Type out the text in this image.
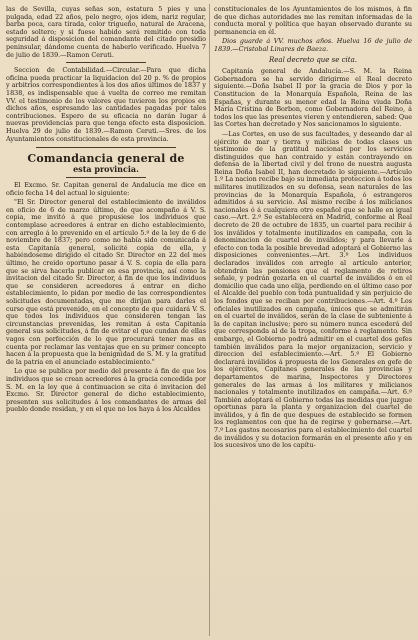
las de Sevilla, cuyas señas son, estatura 5 pies y una pulgada, edad 22 años, pelo negro, ojos idem, nariz regular, barba poca, cara tirada, color trigueño, natural de Aracena, estado soltero; y si fuese habido será remitido con toda seguridad á disposicion del comandante del citado presidio peninsular, dándome cuenta de haberlo verificado. Huelva 7 de julio de 1839.—Ramon Ceruti.

Seccion de Contabilidad.—Circular.—Para que dicha oficina pueda practicar la liquidacion del 20 p. % de propios y arbitrios correspondientes á los dos años últimos de 1837 y 1838, es indispensable que á vuelta de correo me remitan VV. el testimonio de los valores que tuvieron los propios en dichos años, espresando las cantidades pagadas por tales contribuciones. Espero de su eficacia no darán lugar á nuevas providencias para que tenga efecto esta disposicion. Huelva 29 de julio de 1839.—Ramon Ceruti.—Sres. de los Ayuntamientos constitucionales de esta provincia.

Comandancia general de
esta provincia.

El Excmo. Sr. Capitan general de Andalucía me dice en oficio fecha 14 del actual lo siguiente:

"El Sr. Director general del establecimiento de inválidos en oficio de 6 de marzo último, de que acompaño á V. S. copia, me invitó á que propusiese los individuos que contemplase acreedores á entrar en dicho establecimiento, con arreglo á lo prevenido en el artículo 5.º de la ley de 6 de noviembre de 1837; pero como no había sido comunicada á esta Capitanía general, solicité copia de ella, y habiéndoseme dirigido el citado Sr. Director en 22 del mes último, he creido oportuno pasar á V. S. copia de ella para que se sirva hacerla publicar en esa provincia, así como la invitacion del citado Sr. Director, á fin de que los individuos que se consideren acreedores á entrar en dicho establecimiento, lo pidan por medio de las correspondientes solicitudes documentadas, que me dirijan para darles el curso que está prevenido, en el concepto de que cuidará V. S. que todos los individuos que consideren tengan las circunstancias prevenidas, les remitan á esta Capitanía general sus solicitudes, á fin de evitar el que cundan de ellas vagos con perfección de lo que procurará tener mas en cuenta por reclamar las ventajas que en su primer concepto hacen á la propuesta que la benignidad de S. M. y la gratitud de la patria en el anunciado establecimiento."

Lo que se publica por medio del presente á fin de que los individuos que se crean acreedores á la gracia concedida por S. M. en la ley que á continuacion se cita é invitacion del Excmo. Sr. Director general de dicho establecimiento, presenten sus solicitudes á los comandantes de armas del pueblo donde residan, y en el que no los haya á los Alcaldes

constitucionales de los Ayuntamientos de los mismos, á fin de que dichas autoridades me las remitan informadas de la conducta moral y política que hayan observado durante su permanencia en él.

Dios guarde á VV. muchos años. Huelva 16 de julio de 1839.—Cristobal Linares de Baeza.

Real decreto que se cita.

Capitanía general de Andalucía.—S. M. la Reina Gobernadora se ha servido dirigirme el Real decreto siguiente.—Doña Isabel II por la gracia de Dios y por la Constitucion de la Monarquía Española, Reina de las Españas, y durante su menor edad la Reina viuda Doña María Cristina de Borbon, como Gobernadora del Reino, á todos los que las presentes vieren y entendieren, sabed: Que las Cortes han decretado y Nos sancionamos lo siguiente.

—Las Cortes, en uso de sus facultades, y deseando dar al ejército de mar y tierra y milicias de todas clases un testimonio de la gratitud nacional por los servicios distinguidos que han contraido y están contrayendo en defensa de la libertad civil y del trono de nuestra augusta Reina Doña Isabel II, han decretado lo siguiente.—Artículo 1.º La nacion recibe bajo su inmediata proteccion á todos los militares inutilizados en su defensa, sean naturales de las provincias de la Monarquía Española, ó estrangeros admitidos á su servicio. Así mismo recibe á los milicianos nacionales ó á cualquiera otro español que se halle en igual caso.—Art. 2.º Se establecerá en Madrid, conforme al Real decreto de 20 de octubre de 1835, un cuartel para recibir á los inválidos y totalmente inutilizados en campaña, con la denominacion de cuartel de inválidos; y para llevarle á efecto con toda la posible brevedad adoptará el Gobierno las disposiciones convenientes.—Art. 3.º Los individuos declarados inválidos con arreglo al artículo anterior, obtendrán las pensiones que el reglamento de retiros señale, y podrán gozarla en el cuartel de inválidos ó en el domicilio que cada uno elija, perdiendo en el último caso por el Alcalde del pueblo con toda puntualidad y sin perjuicio de los fondos que se reciban por contribuciones.—Art. 4.º Los oficiales inutilizados en campaña, únicos que se admitirán en el cuartel de inválidos, serán de la clase de subteniente á la de capitan inclusive; pero su número nunca escederá del que corresponda al de la tropa, conforme á reglamento. Sin embargo, el Gobierno podrá admitir en el cuartel dos gefes también inválidos para la mejor organizacion, servicio y direccion del establecimiento.—Art. 5.º El Gobierno declarará inválidos á propuesta de los Generales en gefe de los ejércitos, Capitanes generales de las provincias y departamentos de marina, Inspectores y Directores generales de las armas á los militares y milicianos nacionales y totalmente inutilizados en campaña.—Art. 6.º También adoptará el Gobierno todas las medidas que juzgue oportunas para la planta y organizacion del cuartel de inválidos, y á fin de que despues de establecido se formen los reglamentos con que ha de regirse y gobernarse.—Art. 7.º Los gastos necesarios para el establecimiento del cuartel de inválidos y su dotacion formarán en el presente año y en los sucesivos uno de los capítu-
